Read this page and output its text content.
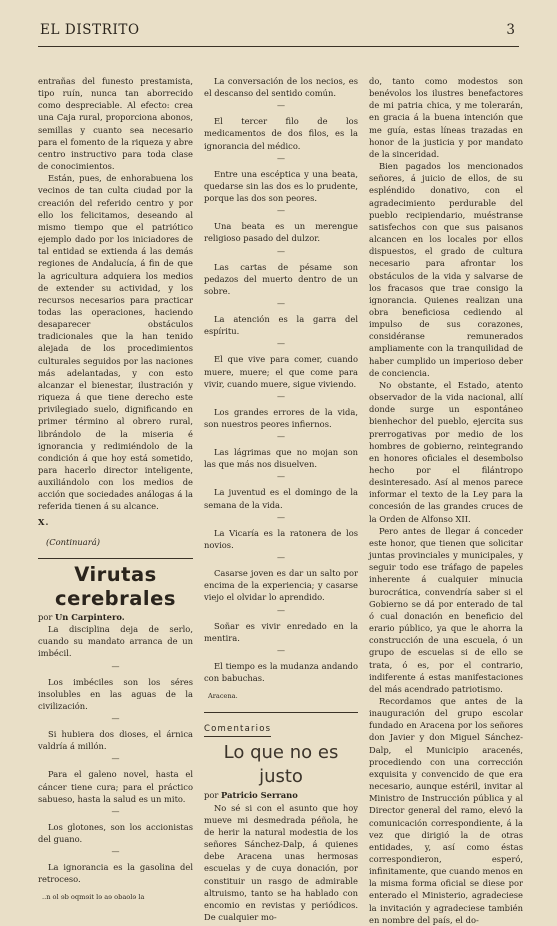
EL DISTRITO	3

entrañas del funesto prestamista, tipo ruín, nunca tan aborrecido como despreciable. Al efecto: crea una Caja rural, proporciona abonos, semillas y cuanto sea necesario para el fomento de la riqueza y abre centro instructivo para toda clase de conocimientos.

Están, pues, de enhorabuena los vecinos de tan culta ciudad por la creación del referido centro y por ello los felicitamos, deseando al mismo tiempo que el patriótico ejemplo dado por los iniciadores de tal entidad se extienda á las demás regiones de Andalucía, á fin de que la agricultura adquiera los medios de extender su actividad, y los recursos necesarios para practicar todas las operaciones, haciendo desaparecer obstáculos tradicionales que la han tenido alejada de los procedimientos culturales seguidos por las naciones más adelantadas, y con esto alcanzar el bienestar, ilustración y riqueza á que tiene derecho este privilegiado suelo, dignificando en primer término al obrero rural, librándolo de la miseria é ignorancia y redimiéndolo de la condición á que hoy está sometido, para hacerlo director inteligente, auxiliándolo con los medios de acción que sociedades análogas á la referida tienen á su alcance.

X.

(Continuará)

Virutas cerebrales

por Un Carpintero.

La disciplina deja de serlo, cuando su mandato arranca de un imbécil.

—

Los imbéciles son los séres insolubles en las aguas de la civilización.

—

Si hubiera dos dioses, el árnica valdría á millón.

—

Para el galeno novel, hasta el cáncer tiene cura; para el práctico sabueso, hasta la salud es un mito.

—

Los glotones, son los accionistas del guano.

—

La ignorancia es la gasolina del retroceso.

..n ol ɘb oqmɘit lɘ aɘ obaolɘ la

La conversación de los necios, es el descanso del sentido común.

—

El tercer filo de los medicamentos de dos filos, es la ignorancia del médico.

—

Entre una escéptica y una beata, quedarse sin las dos es lo prudente, porque las dos son peores.

—

Una beata es un merengue religioso pasado del dulzor.

—

Las cartas de pésame son pedazos del muerto dentro de un sobre.

—

La atención es la garra del espíritu.

—

El que vive para comer, cuando muere, muere; el que come para vivir, cuando muere, sigue viviendo.

—

Los grandes errores de la vida, son nuestros peores infiernos.

—

Las lágrimas que no mojan son las que más nos disuelven.

—

La juventud es el domingo de la semana de la vida.

—

La Vicaría es la ratonera de los novios.

—

Casarse joven es dar un salto por encima de la experiencia; y casarse viejo el olvidar lo aprendido.

—

Soñar es vivir enredado en la mentira.

—

El tiempo es la mudanza andando con babuchas.

Aracena.

Comentarios
Lo que no es justo

por Patricio Serrano

No sé si con el asunto que hoy mueve mi desmedrada péñola, he de herir la natural modestia de los señores Sánchez-Dalp, á quienes debe Aracena unas hermosas escuelas y de cuya donación, por constituir un rasgo de admirable altruismo, tanto se ha hablado con encomio en revistas y periódicos. De cualquier mo-

do, tanto como modestos son benévolos los ilustres benefactores de mi patria chica, y me tolerarán, en gracia á la buena intención que me guía, estas líneas trazadas en honor de la justicia y por mandato de la sinceridad.

Bien pagados los mencionados señores, á juicio de ellos, de su espléndido donativo, con el agradecimiento perdurable del pueblo recipiendario, muéstranse satisfechos con que sus paisanos alcancen en los locales por ellos dispuestos, el grado de cultura necesario para afrontar los obstáculos de la vida y salvarse de los fracasos que trae consigo la ignorancia. Quienes realizan una obra beneficiosa cediendo al impulso de sus corazones, considéranse remunerados ampliamente con la tranquilidad de haber cumplido un imperioso deber de conciencia.

No obstante, el Estado, atento observador de la vida nacional, allí donde surge un espontáneo bienhechor del pueblo, ejercita sus prerrogativas por medio de los hombres de gobierno, reintegrando en honores oficiales el desembolso hecho por el filántropo desinteresado. Así al menos parece informar el texto de la Ley para la concesión de las grandes cruces de la Orden de Alfonso XII.

Pero antes de llegar á conceder este honor, que tienen que solicitar juntas provinciales y municipales, y seguir todo ese tráfago de papeles inherente á cualquier minucia burocrática, convendría saber si el Gobierno se dá por enterado de tal ó cual donación en beneficio del erario público, ya que le ahorra la construcción de una escuela, ó un grupo de escuelas si de ello se trata, ó es, por el contrario, indiferente á estas manifestaciones del más acendrado patriotismo.

Recordamos que antes de la inauguración del grupo escolar fundado en Aracena por los señores don Javier y don Miguel Sánchez-Dalp, el Municipio aracenés, procediendo con una corrección exquisita y convencido de que era necesario, aunque estéril, invitar al Ministro de Instrucción pública y al Director general del ramo, elevó la comunicación correspondiente, á la vez que dirigió la de otras entidades, y, así como éstas correspondieron, esperó, infinitamente, que cuando menos en la misma forma oficial se diese por enterado el Ministerio, agradeciese la invitación y agradeciese también en nombre del país, el do-
